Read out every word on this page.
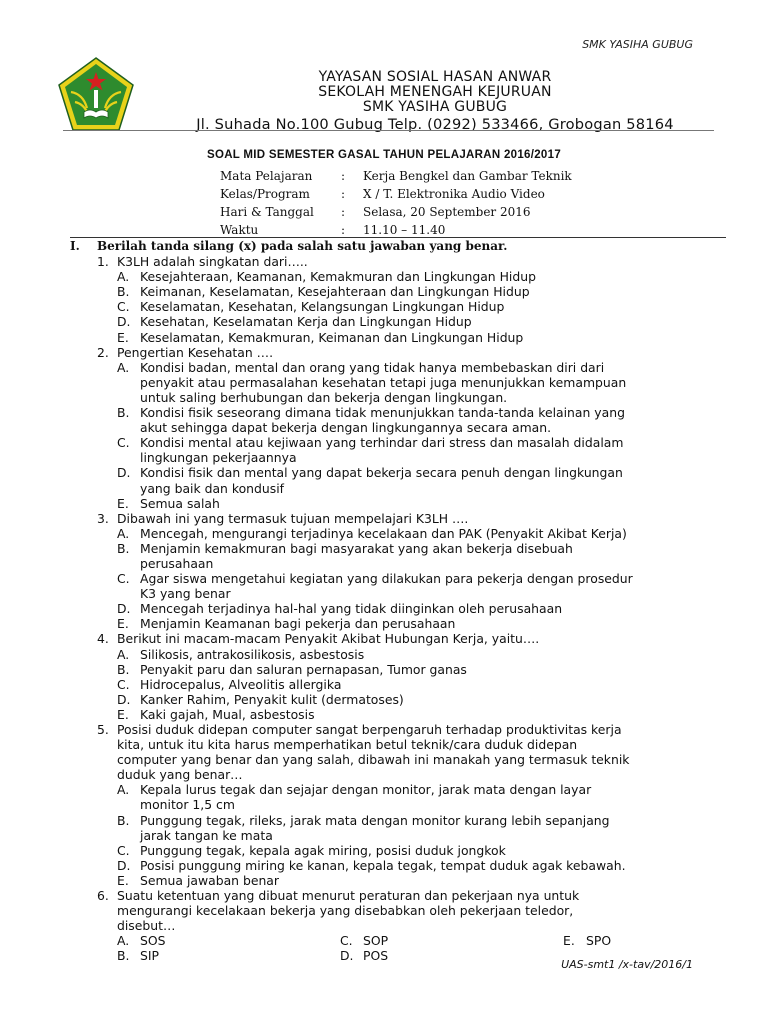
SMK YASIHA GUBUG
YAYASAN SOSIAL HASAN ANWAR
SEKOLAH MENENGAH KEJURUAN
SMK YASIHA GUBUG
Jl. Suhada No.100 Gubug Telp. (0292) 533466, Grobogan 58164
SOAL MID SEMESTER GASAL TAHUN PELAJARAN 2016/2017
Mata Pelajaran	:	Kerja Bengkel dan Gambar Teknik
Kelas/Program	:	X / T. Elektronika Audio Video
Hari & Tanggal	:	Selasa, 20 September 2016
Waktu	:	11.10 – 11.40
I.	Berilah tanda silang (x) pada salah satu jawaban yang benar.
1. K3LH adalah singkatan dari…..
A. Kesejahteraan, Keamanan, Kemakmuran dan Lingkungan Hidup
B. Keimanan, Keselamatan, Kesejahteraan dan Lingkungan Hidup
C. Keselamatan, Kesehatan, Kelangsungan Lingkungan Hidup
D. Kesehatan, Keselamatan Kerja dan Lingkungan Hidup
E. Keselamatan, Kemakmuran, Keimanan dan Lingkungan Hidup
2. Pengertian Kesehatan ….
A. Kondisi badan, mental dan orang yang tidak hanya membebaskan diri dari
penyakit atau permasalahan kesehatan tetapi juga menunjukkan kemampuan
untuk saling berhubungan dan bekerja dengan lingkungan.
B. Kondisi fisik seseorang dimana tidak menunjukkan tanda-tanda kelainan yang
akut sehingga dapat bekerja dengan lingkungannya secara aman.
C. Kondisi mental atau kejiwaan yang terhindar dari stress dan masalah didalam
lingkungan pekerjaannya
D. Kondisi fisik dan mental yang dapat bekerja secara penuh dengan lingkungan
yang baik dan kondusif
E. Semua salah
3. Dibawah ini yang termasuk tujuan mempelajari K3LH ….
A. Mencegah, mengurangi terjadinya kecelakaan dan PAK (Penyakit Akibat Kerja)
B. Menjamin kemakmuran bagi masyarakat yang akan bekerja disebuah
perusahaan
C. Agar siswa mengetahui kegiatan yang dilakukan para pekerja dengan prosedur
K3 yang benar
D. Mencegah terjadinya hal-hal yang tidak diinginkan oleh perusahaan
E. Menjamin Keamanan bagi pekerja dan perusahaan
4. Berikut ini macam-macam Penyakit Akibat Hubungan Kerja, yaitu….
A. Silikosis, antrakosilikosis, asbestosis
B. Penyakit paru dan saluran pernapasan, Tumor ganas
C. Hidrocepalus, Alveolitis allergika
D. Kanker Rahim, Penyakit kulit (dermatoses)
E. Kaki gajah, Mual, asbestosis
5. Posisi duduk didepan computer sangat berpengaruh terhadap produktivitas kerja
kita, untuk itu kita harus memperhatikan betul teknik/cara duduk didepan
computer yang benar dan yang salah, dibawah ini manakah yang termasuk teknik
duduk yang benar…
A. Kepala lurus tegak dan sejajar dengan monitor, jarak mata dengan layar
monitor 1,5 cm
B. Punggung tegak, rileks, jarak mata dengan monitor kurang lebih sepanjang
jarak tangan ke mata
C. Punggung tegak, kepala agak miring, posisi duduk jongkok
D. Posisi punggung miring ke kanan, kepala tegak, tempat duduk agak kebawah.
E. Semua jawaban benar
6. Suatu ketentuan yang dibuat menurut peraturan dan pekerjaan nya untuk
mengurangi kecelakaan bekerja yang disebabkan oleh pekerjaan teledor,
disebut…
A. SOS	C. SOP	E. SPO
B. SIP	D. POS
UAS-smt1 /x-tav/2016/1
